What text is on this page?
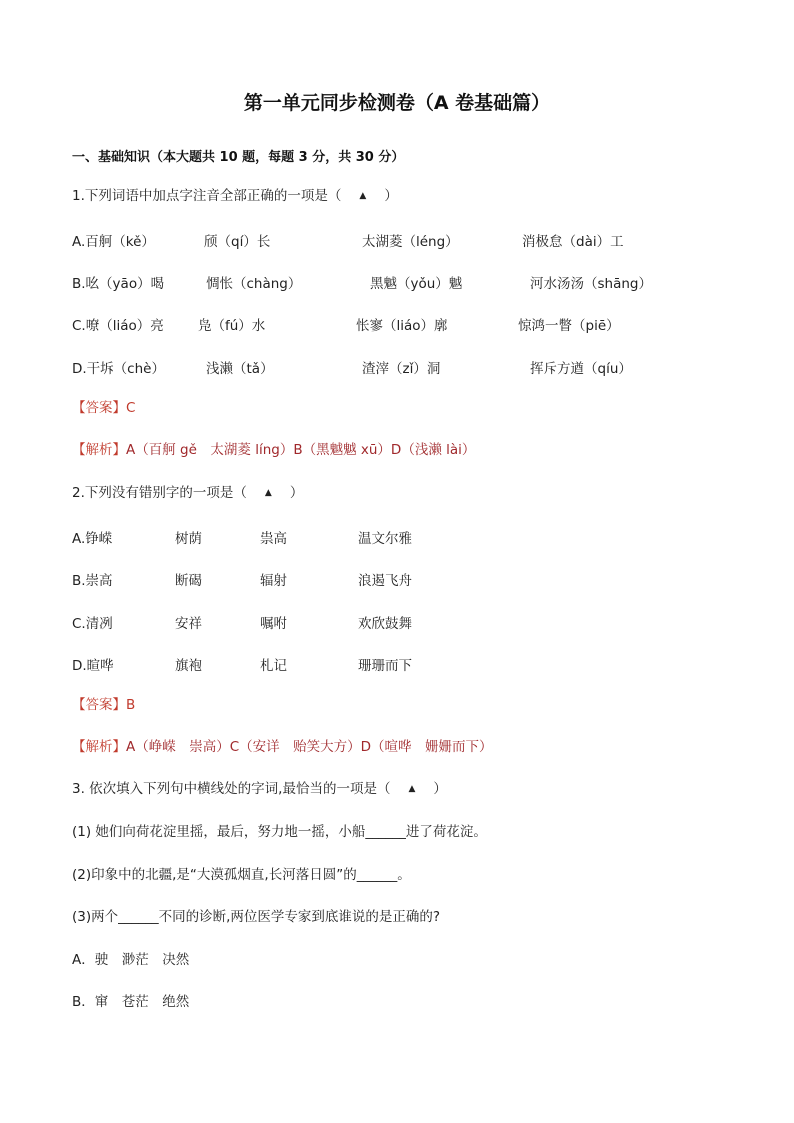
第一单元同步检测卷（A 卷基础篇）
一、基础知识（本大题共 10 题，每题 3 分，共 30 分）
1.下列词语中加点字注音全部正确的一项是（ ▲ ）
A.百舸（kě）	颀（qí）长	太湖菱（léng）	消极怠（dài）工
B.吆（yāo）喝	惆怅（chàng）	黑魆（yǒu）魆	河水汤汤（shāng）
C.嘹（liáo）亮	凫（fú）水	怅寥（liáo）廓	惊鸿一瞥（piē）
D.干坼（chè）	浅濑（tǎ）	渣滓（zǐ）洞	挥斥方遒（qíu）
【答案】C
【解析】A（百舸 gě　太湖菱 líng）B（黑魆魆 xū）D（浅濑 lài）
2.下列没有错别字的一项是（ ▲ ）
A.铮嵘	树荫	祟高	温文尔雅
B.崇高	断碣	辐射	浪遏飞舟
C.清冽	安祥	嘱咐	欢欣鼓舞
D.暄哗	旗袍	札记	珊珊而下
【答案】B
【解析】A（峥嵘　崇高）C（安详　贻笑大方）D（喧哗　姗姗而下）
3. 依次填入下列句中横线处的字词,最恰当的一项是（ ▲ ）
(1) 她们向荷花淀里摇，最后，努力地一摇，小船______进了荷花淀。
(2)印象中的北疆,是“大漠孤烟直,长河落日圆”的______。
(3)两个______不同的诊断,两位医学专家到底谁说的是正确的?
A．驶　渺茫　决然
B．窜　苍茫　绝然
